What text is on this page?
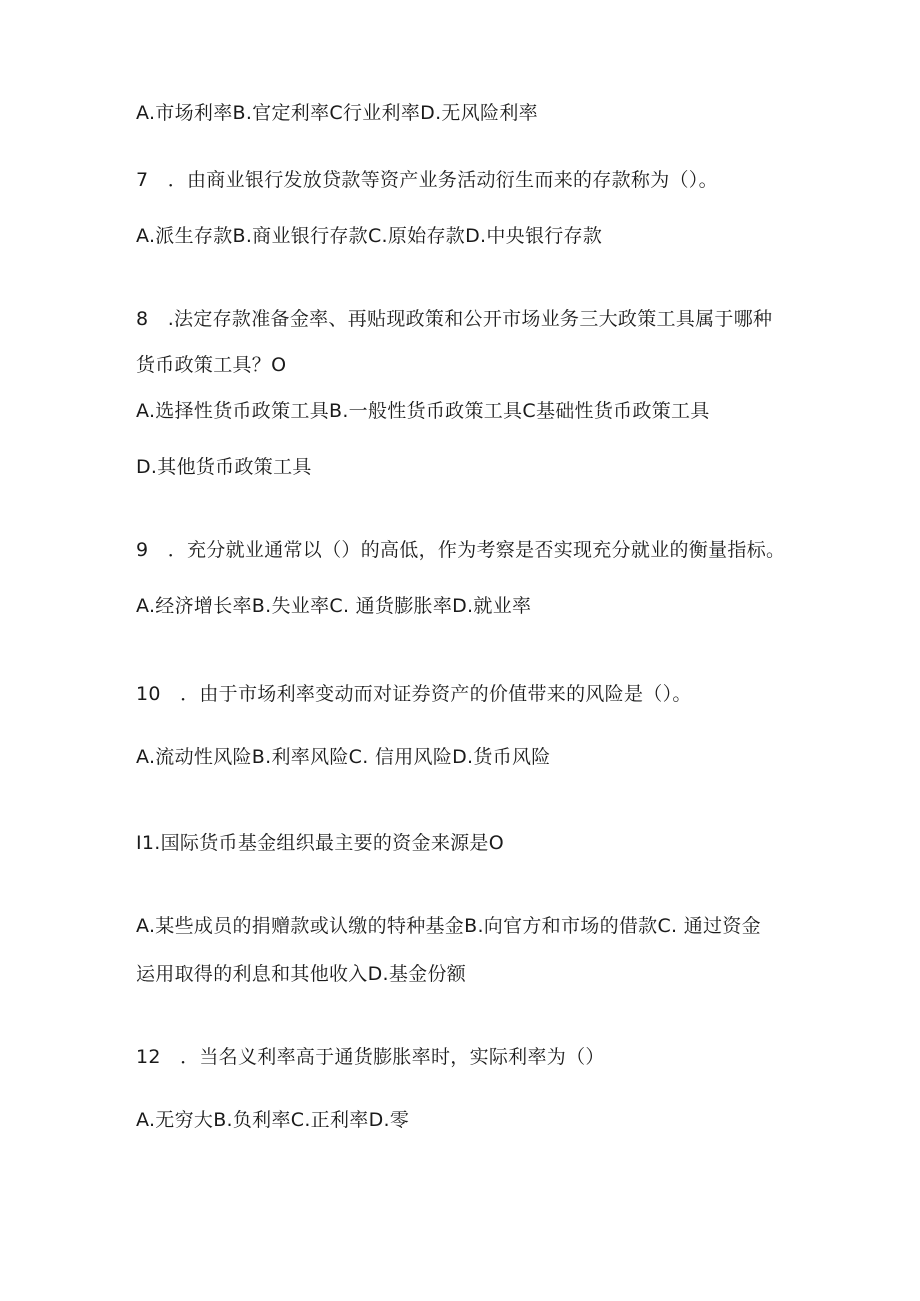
A.市场利率B.官定利率C行业利率D.无风险利率

7　．由商业银行发放贷款等资产业务活动衍生而来的存款称为（）。

A.派生存款B.商业银行存款C.原始存款D.中央银行存款

8　.法定存款准备金率、再贴现政策和公开市场业务三大政策工具属于哪种

货币政策工具？O

A.选择性货币政策工具B.一般性货币政策工具C基础性货币政策工具

D.其他货币政策工具

9　．充分就业通常以（）的高低，作为考察是否实现充分就业的衡量指标。

A.经济增长率B.失业率C. 通货膨胀率D.就业率

10　．由于市场利率变动而对证券资产的价值带来的风险是（）。

A.流动性风险B.利率风险C. 信用风险D.货币风险

I1.国际货币基金组织最主要的资金来源是O

A.某些成员的捐赠款或认缴的特种基金B.向官方和市场的借款C. 通过资金

运用取得的利息和其他收入D.基金份额

12　．当名义利率高于通货膨胀率时，实际利率为（）

A.无穷大B.负利率C.正利率D.零
